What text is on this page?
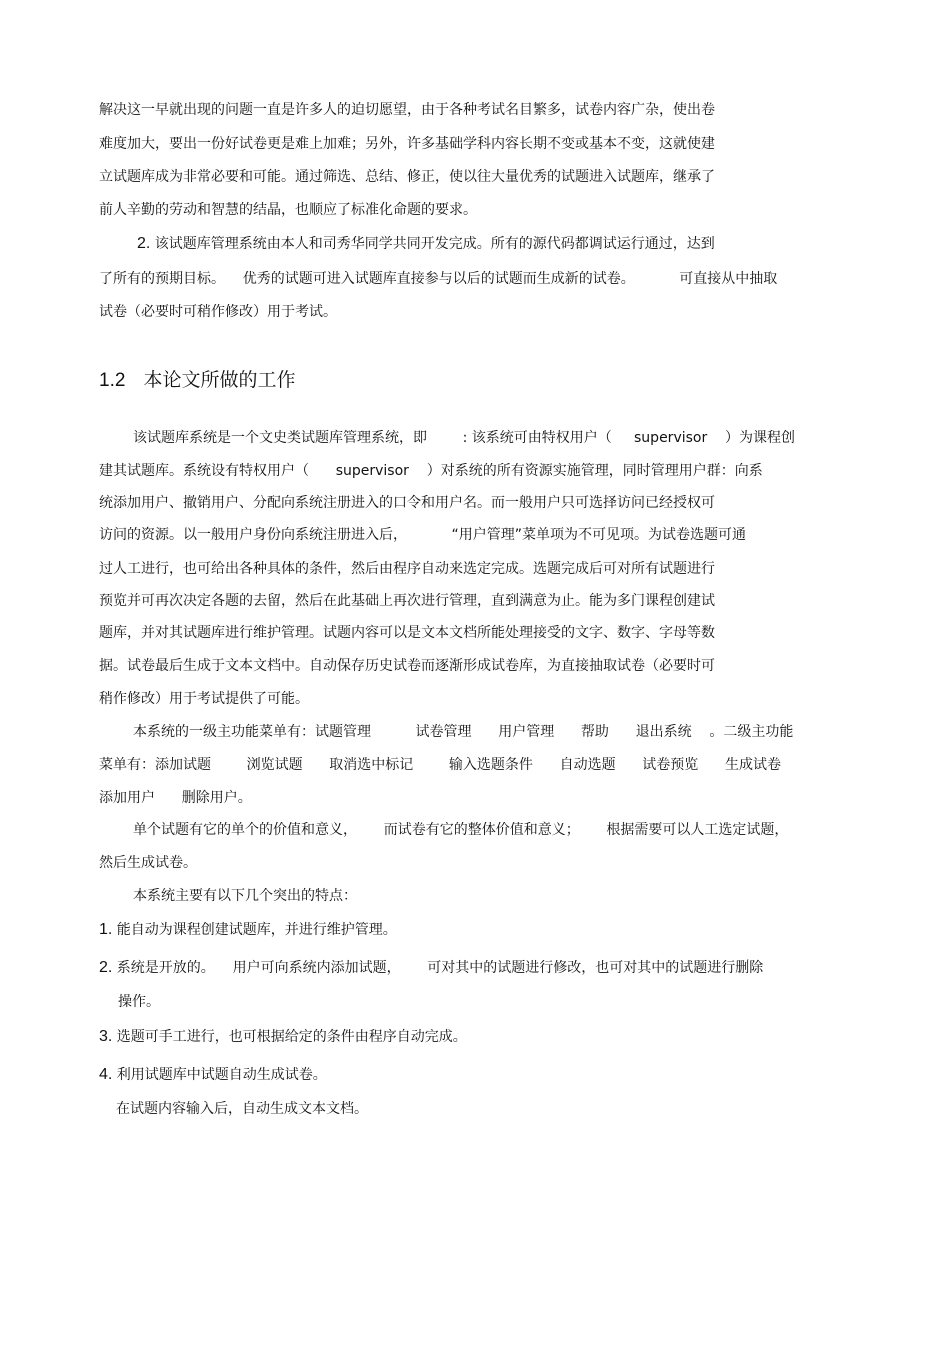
解决这一早就出现的问题一直是许多人的迫切愿望，由于各种考试名目繁多，试卷内容广杂，使出卷
难度加大，要出一份好试卷更是难上加难；另外，许多基础学科内容长期不变或基本不变，这就使建
立试题库成为非常必要和可能。通过筛选、总结、修正，使以往大量优秀的试题进入试题库，继承了
前人辛勤的劳动和智慧的结晶，也顺应了标准化命题的要求。
2. 该试题库管理系统由本人和司秀华同学共同开发完成。所有的源代码都调试运行通过，达到
了所有的预期目标。    优秀的试题可进入试题库直接参与以后的试题而生成新的试卷。          可直接从中抽取
试卷（必要时可稍作修改）用于考试。
1.2 本论文所做的工作
该试题库系统是一个文史类试题库管理系统，即        : 该系统可由特权用户（     supervisor    ）为课程创
建其试题库。系统设有特权用户（      supervisor    ）对系统的所有资源实施管理，同时管理用户群：向系
统添加用户、撤销用户、分配向系统注册进入的口令和用户名。而一般用户只可选择访问已经授权可
访问的资源。以一般用户身份向系统注册进入后，          “用户管理”菜单项为不可见项。为试卷选题可通
过人工进行，也可给出各种具体的条件，然后由程序自动来选定完成。选题完成后可对所有试题进行
预览并可再次决定各题的去留，然后在此基础上再次进行管理，直到满意为止。能为多门课程创建试
题库，并对其试题库进行维护管理。试题内容可以是文本文档所能处理接受的文字、数字、字母等数
据。试卷最后生成于文本文档中。自动保存历史试卷而逐渐形成试卷库，为直接抽取试卷（必要时可
稍作修改）用于考试提供了可能。
本系统的一级主功能菜单有：试题管理          试卷管理      用户管理      帮助      退出系统    。二级主功能
菜单有：添加试题        浏览试题      取消选中标记        输入选题条件      自动选题      试卷预览      生成试卷
添加用户      删除用户。
单个试题有它的单个的价值和意义，      而试卷有它的整体价值和意义；      根据需要可以人工选定试题，
然后生成试卷。
本系统主要有以下几个突出的特点：
1. 能自动为课程创建试题库，并进行维护管理。
2. 系统是开放的。    用户可向系统内添加试题，      可对其中的试题进行修改，也可对其中的试题进行删除
操作。
3. 选题可手工进行，也可根据给定的条件由程序自动完成。
4. 利用试题库中试题自动生成试卷。
在试题内容输入后，自动生成文本文档。
